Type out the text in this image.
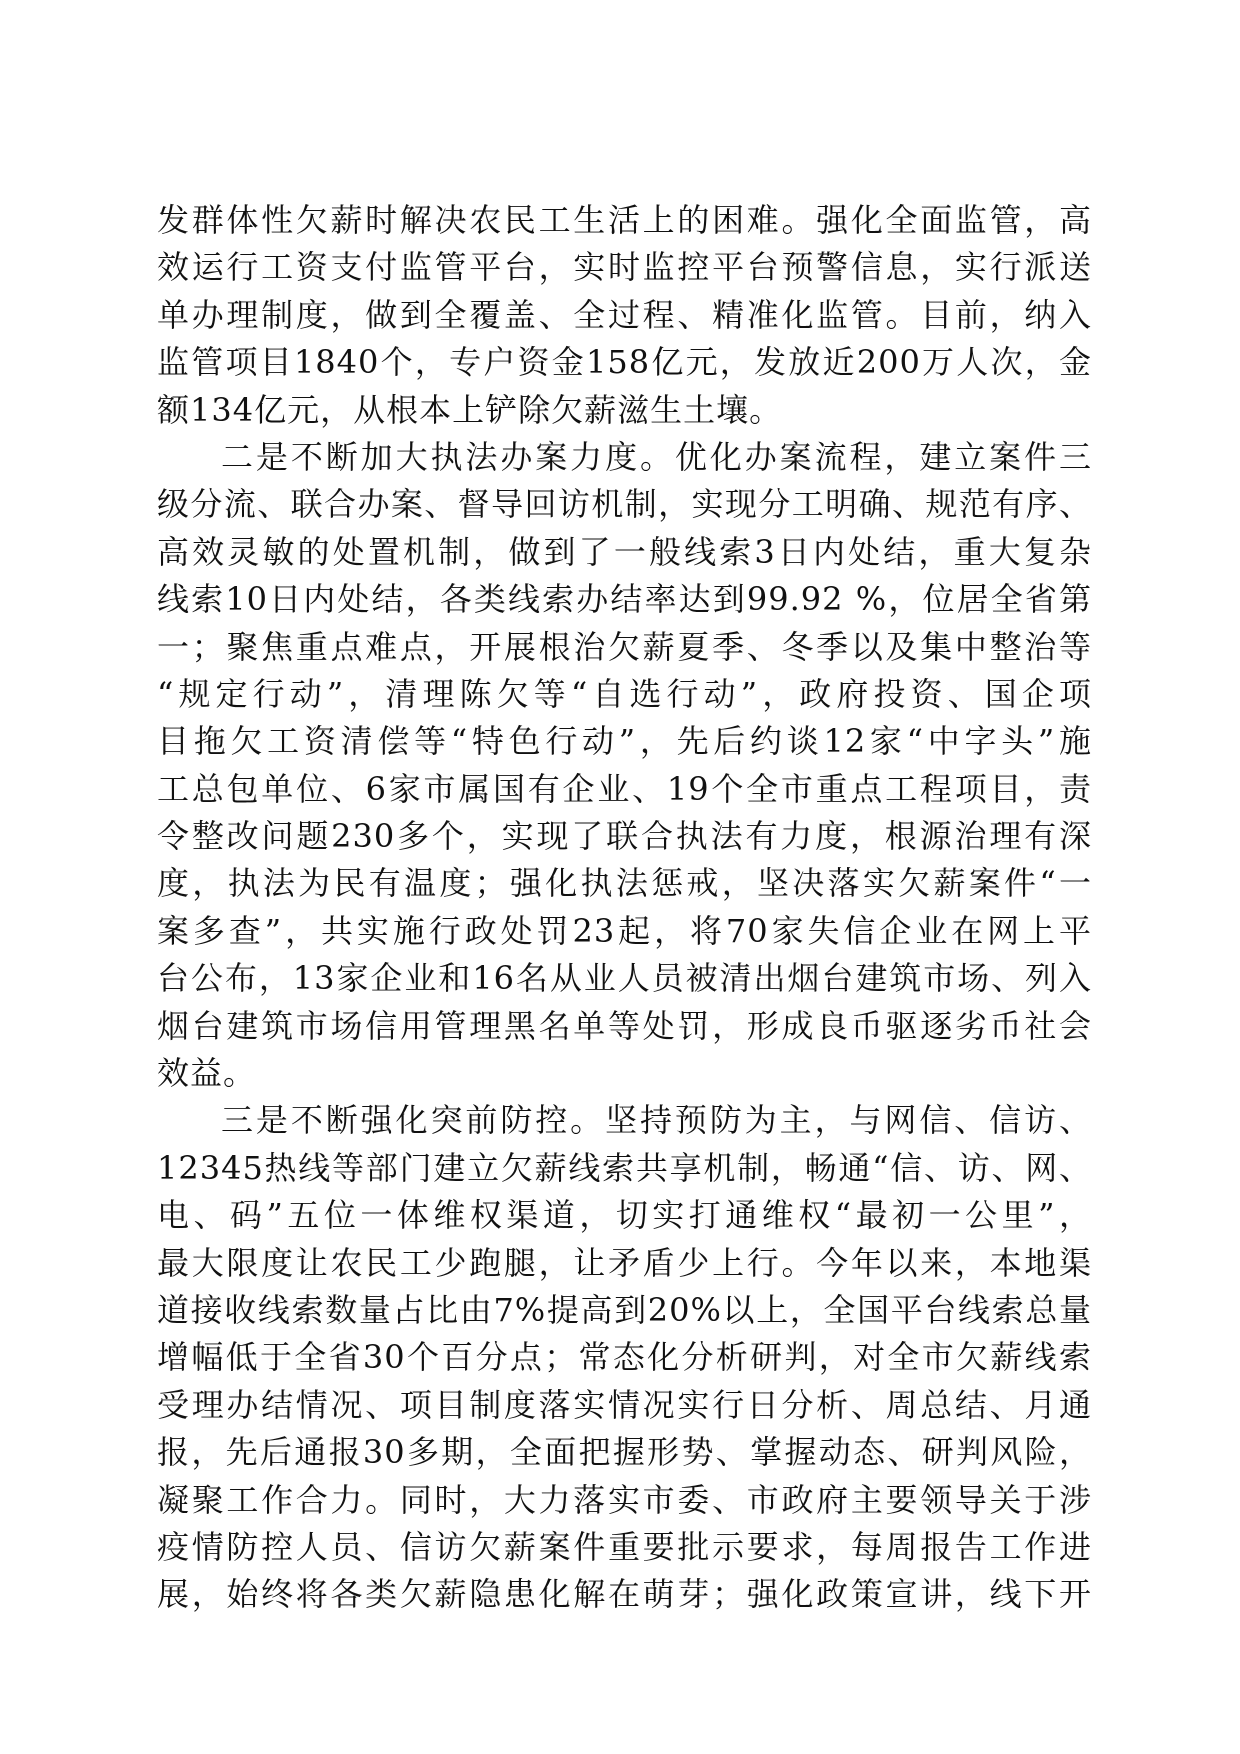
发群体性欠薪时解决农民工生活上的困难。强化全面监管，高
效运行工资支付监管平台，实时监控平台预警信息，实行派送
单办理制度，做到全覆盖、全过程、精准化监管。目前，纳入
监管项目1840个，专户资金158亿元，发放近200万人次，金
额134亿元，从根本上铲除欠薪滋生土壤。
二是不断加大执法办案力度。优化办案流程，建立案件三
级分流、联合办案、督导回访机制，实现分工明确、规范有序、
高效灵敏的处置机制，做到了一般线索3日内处结，重大复杂
线索10日内处结，各类线索办结率达到99.92 %，位居全省第
一；聚焦重点难点，开展根治欠薪夏季、冬季以及集中整治等
“规定行动”，清理陈欠等“自选行动”，政府投资、国企项
目拖欠工资清偿等“特色行动”，先后约谈12家“中字头”施
工总包单位、6家市属国有企业、19个全市重点工程项目，责
令整改问题230多个，实现了联合执法有力度，根源治理有深
度，执法为民有温度；强化执法惩戒，坚决落实欠薪案件“一
案多查”，共实施行政处罚23起，将70家失信企业在网上平
台公布，13家企业和16名从业人员被清出烟台建筑市场、列入
烟台建筑市场信用管理黑名单等处罚，形成良币驱逐劣币社会
效益。
三是不断强化突前防控。坚持预防为主，与网信、信访、
12345热线等部门建立欠薪线索共享机制，畅通“信、访、网、
电、码”五位一体维权渠道，切实打通维权“最初一公里”，
最大限度让农民工少跑腿，让矛盾少上行。今年以来，本地渠
道接收线索数量占比由7%提高到20%以上，全国平台线索总量
增幅低于全省30个百分点；常态化分析研判，对全市欠薪线索
受理办结情况、项目制度落实情况实行日分析、周总结、月通
报，先后通报30多期，全面把握形势、掌握动态、研判风险，
凝聚工作合力。同时，大力落实市委、市政府主要领导关于涉
疫情防控人员、信访欠薪案件重要批示要求，每周报告工作进
展，始终将各类欠薪隐患化解在萌芽；强化政策宣讲，线下开
